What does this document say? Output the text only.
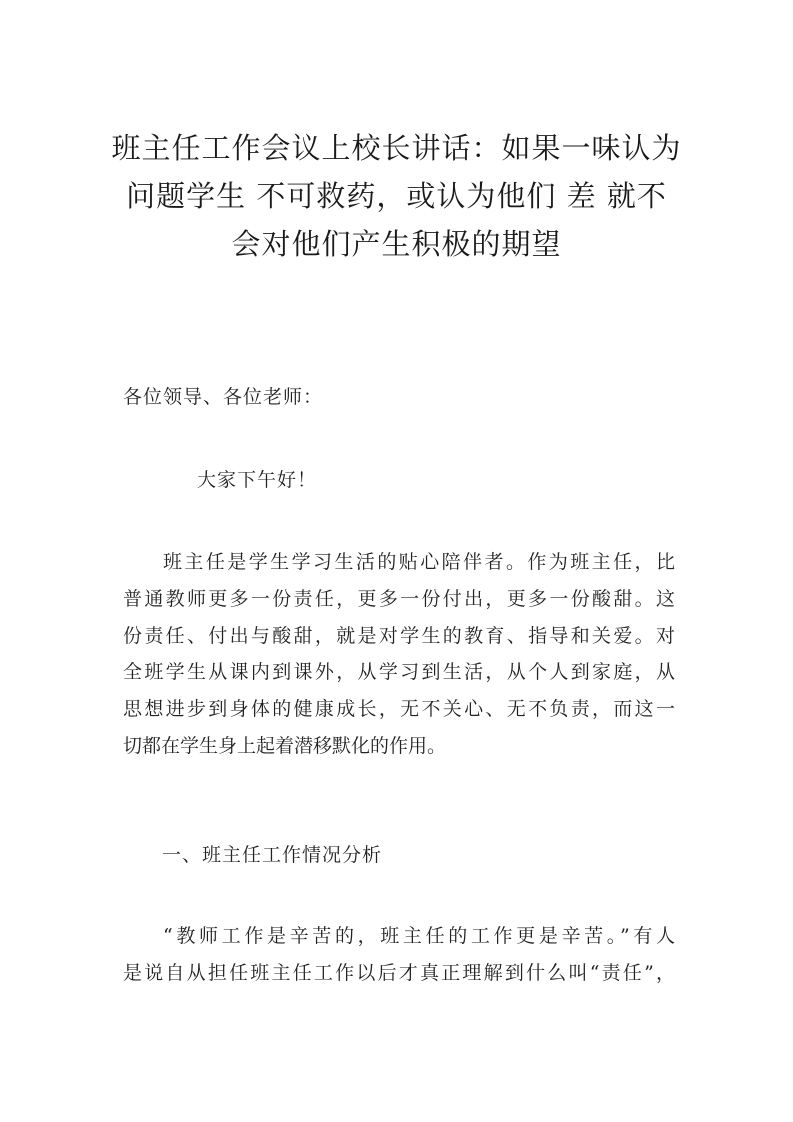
班主任工作会议上校长讲话：如果一味认为
问题学生 不可救药，或认为他们 差 就不
会对他们产生积极的期望

各位领导、各位老师：

大家下午好！

班主任是学生学习生活的贴心陪伴者。作为班主任，比
普通教师更多一份责任，更多一份付出，更多一份酸甜。这
份责任、付出与酸甜，就是对学生的教育、指导和关爱。对
全班学生从课内到课外，从学习到生活，从个人到家庭，从
思想进步到身体的健康成长，无不关心、无不负责，而这一
切都在学生身上起着潜移默化的作用。

一、班主任工作情况分析

“教师工作是辛苦的，班主任的工作更是辛苦。”有人
是说自从担任班主任工作以后才真正理解到什么叫“责任”，
